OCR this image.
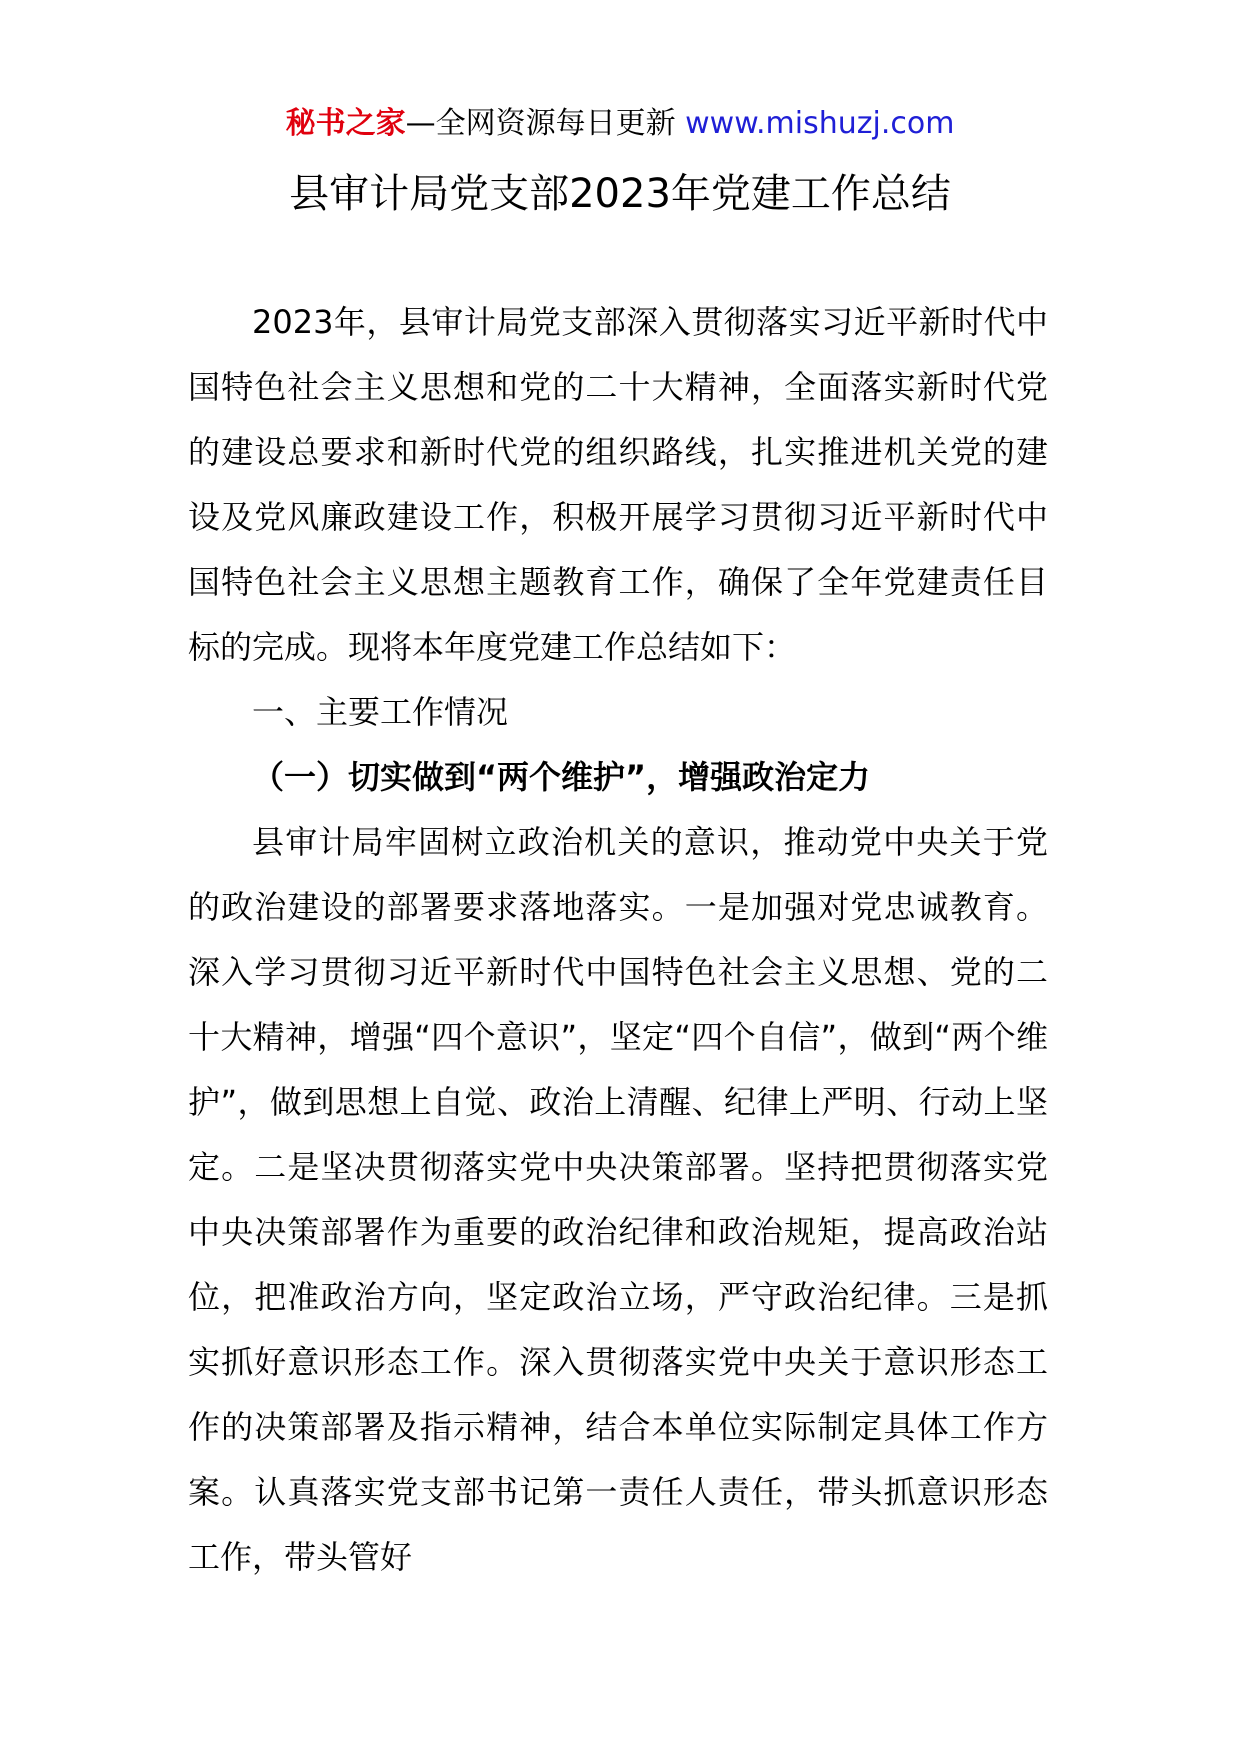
秘书之家—全网资源每日更新 www.mishuzj.com
县审计局党支部2023年党建工作总结

2023年，县审计局党支部深入贯彻落实习近平新时代中国特色社会主义思想和党的二十大精神，全面落实新时代党的建设总要求和新时代党的组织路线，扎实推进机关党的建设及党风廉政建设工作，积极开展学习贯彻习近平新时代中国特色社会主义思想主题教育工作，确保了全年党建责任目标的完成。现将本年度党建工作总结如下：

一、主要工作情况

（一）切实做到“两个维护”，增强政治定力

县审计局牢固树立政治机关的意识，推动党中央关于党的政治建设的部署要求落地落实。一是加强对党忠诚教育。深入学习贯彻习近平新时代中国特色社会主义思想、党的二十大精神，增强“四个意识”，坚定“四个自信”，做到“两个维护”，做到思想上自觉、政治上清醒、纪律上严明、行动上坚定。二是坚决贯彻落实党中央决策部署。坚持把贯彻落实党中央决策部署作为重要的政治纪律和政治规矩，提高政治站位，把准政治方向，坚定政治立场，严守政治纪律。三是抓实抓好意识形态工作。深入贯彻落实党中央关于意识形态工作的决策部署及指示精神，结合本单位实际制定具体工作方案。认真落实党支部书记第一责任人责任，带头抓意识形态工作，带头管好
